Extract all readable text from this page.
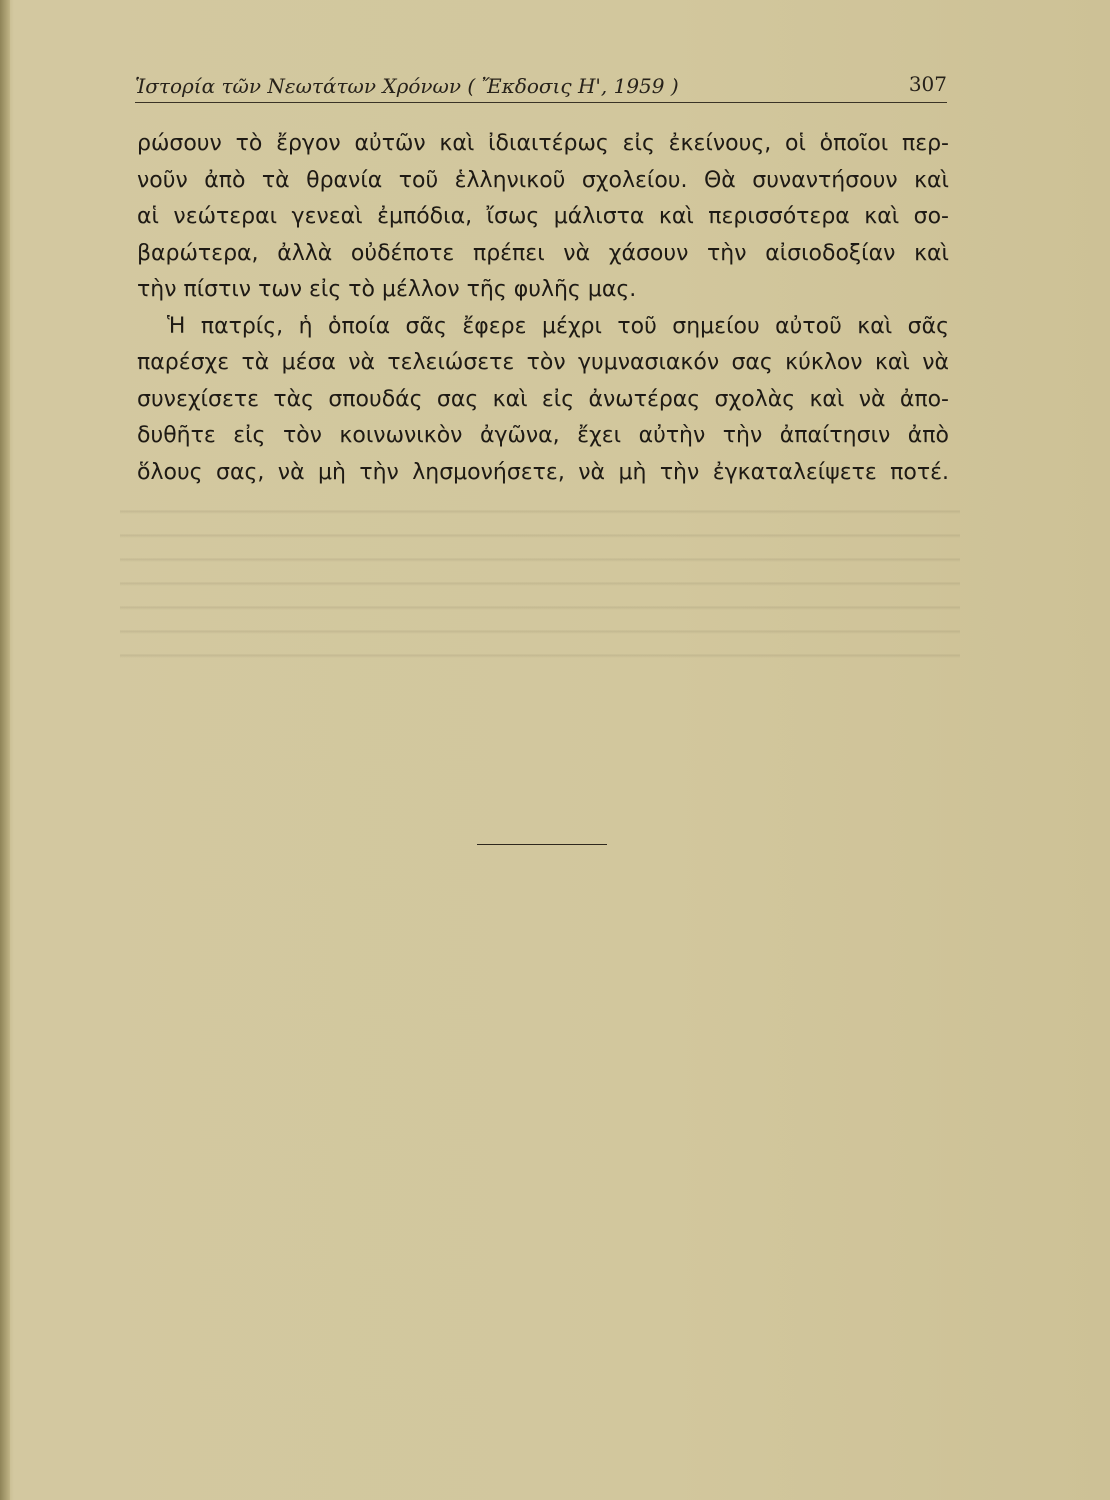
Ἱστορία τῶν Νεωτάτων Χρόνων ( Ἔκδοσις Η', 1959 )	307
ρώσουν τὸ ἔργον αὐτῶν καὶ ἰδιαιτέρως εἰς ἐκείνους, οἱ ὁποῖοι περ-
νοῦν ἀπὸ τὰ θρανία τοῦ ἑλληνικοῦ σχολείου. Θὰ συναντήσουν καὶ
αἱ νεώτεραι γενεαὶ ἐμπόδια, ἴσως μάλιστα καὶ περισσότερα καὶ σο-
βαρώτερα, ἀλλὰ οὐδέποτε πρέπει νὰ χάσουν τὴν αἰσιοδοξίαν καὶ
τὴν πίστιν των εἰς τὸ μέλλον τῆς φυλῆς μας.
Ἡ πατρίς, ἡ ὁποία σᾶς ἔφερε μέχρι τοῦ σημείου αὐτοῦ καὶ σᾶς
παρέσχε τὰ μέσα νὰ τελειώσετε τὸν γυμνασιακόν σας κύκλον καὶ νὰ
συνεχίσετε τὰς σπουδάς σας καὶ εἰς ἀνωτέρας σχολὰς καὶ νὰ ἀπο-
δυθῆτε εἰς τὸν κοινωνικὸν ἀγῶνα, ἔχει αὐτὴν τὴν ἀπαίτησιν ἀπὸ
ὅλους σας, νὰ μὴ τὴν λησμονήσετε, νὰ μὴ τὴν ἐγκαταλείψετε ποτέ.
